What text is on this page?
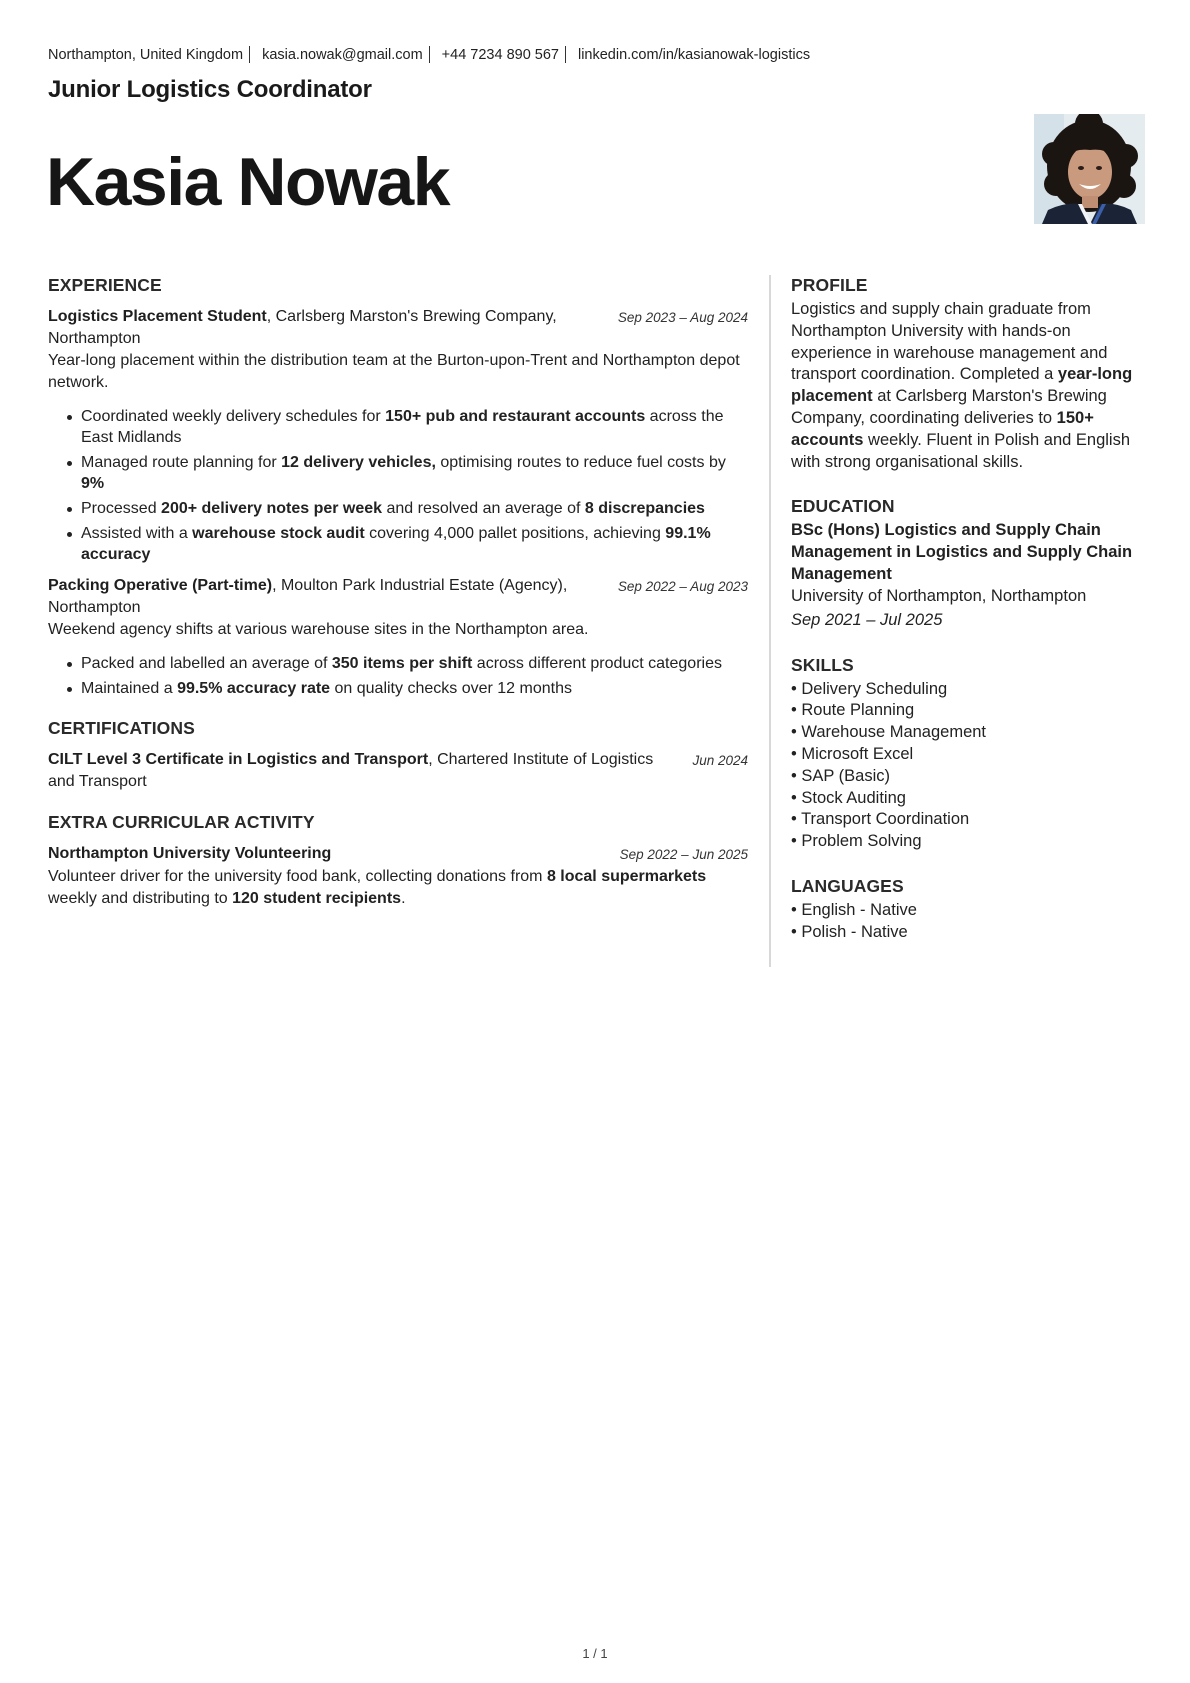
Northampton, United Kingdom kasia.nowak@gmail.com +44 7234 890 567 linkedin.com/in/kasianowak-logistics
Junior Logistics Coordinator
Kasia Nowak
EXPERIENCE
Logistics Placement Student, Carlsberg Marston's Brewing Company, Northampton
Sep 2023 – Aug 2024
Year-long placement within the distribution team at the Burton-upon-Trent and Northampton depot network.
Coordinated weekly delivery schedules for 150+ pub and restaurant accounts across the East Midlands
Managed route planning for 12 delivery vehicles, optimising routes to reduce fuel costs by 9%
Processed 200+ delivery notes per week and resolved an average of 8 discrepancies
Assisted with a warehouse stock audit covering 4,000 pallet positions, achieving 99.1% accuracy
Packing Operative (Part-time), Moulton Park Industrial Estate (Agency), Northampton
Sep 2022 – Aug 2023
Weekend agency shifts at various warehouse sites in the Northampton area.
Packed and labelled an average of 350 items per shift across different product categories
Maintained a 99.5% accuracy rate on quality checks over 12 months
CERTIFICATIONS
CILT Level 3 Certificate in Logistics and Transport, Chartered Institute of Logistics and Transport
Jun 2024
EXTRA CURRICULAR ACTIVITY
Northampton University Volunteering	Sep 2022 – Jun 2025
Volunteer driver for the university food bank, collecting donations from 8 local supermarkets weekly and distributing to 120 student recipients.
PROFILE
Logistics and supply chain graduate from Northampton University with hands-on experience in warehouse management and transport coordination. Completed a year-long placement at Carlsberg Marston's Brewing Company, coordinating deliveries to 150+ accounts weekly. Fluent in Polish and English with strong organisational skills.
EDUCATION
BSc (Hons) Logistics and Supply Chain Management in Logistics and Supply Chain Management
University of Northampton, Northampton
Sep 2021 – Jul 2025
SKILLS
• Delivery Scheduling
• Route Planning
• Warehouse Management
• Microsoft Excel
• SAP (Basic)
• Stock Auditing
• Transport Coordination
• Problem Solving
LANGUAGES
• English - Native
• Polish - Native
1 / 1
